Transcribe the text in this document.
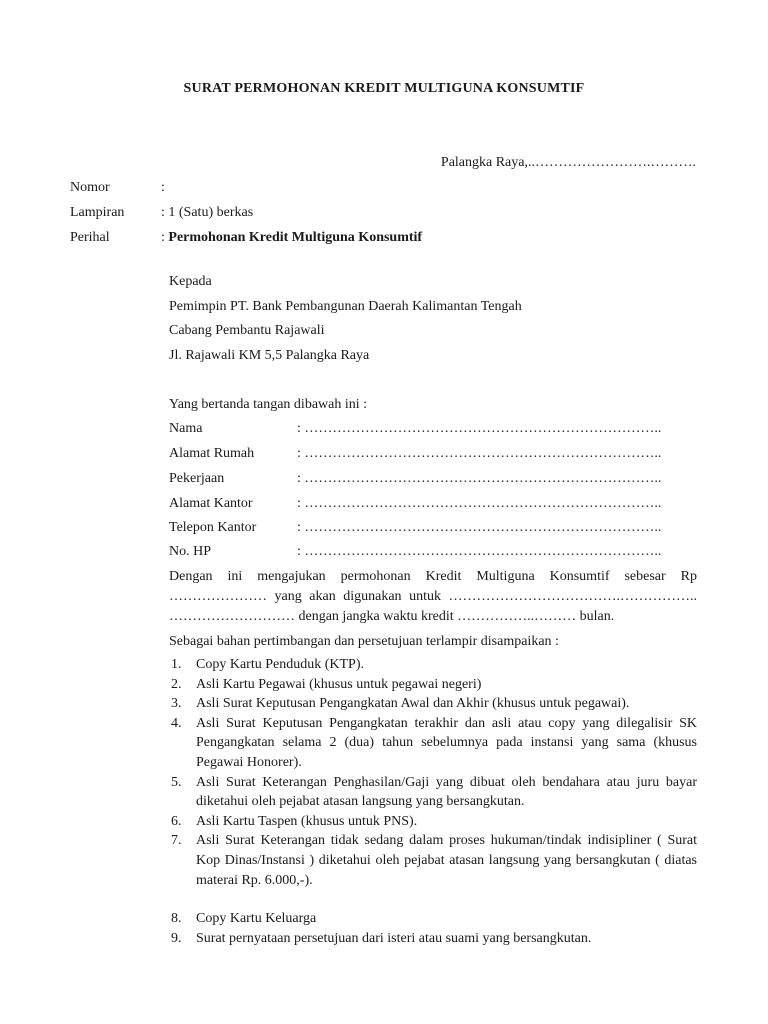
SURAT PERMOHONAN KREDIT MULTIGUNA KONSUMTIF
Palangka Raya,..…………………….……….
Nomor	:
Lampiran	: 1 (Satu) berkas
Perihal	: Permohonan Kredit Multiguna Konsumtif
Kepada
Pemimpin PT. Bank Pembangunan Daerah Kalimantan Tengah
Cabang Pembantu Rajawali
Jl. Rajawali KM 5,5 Palangka Raya
Yang bertanda tangan dibawah ini :
Nama	: …………………………………………………………………..
Alamat Rumah	: …………………………………………………………………..
Pekerjaan	: …………………………………………………………………..
Alamat Kantor	: …………………………………………………………………..
Telepon Kantor	: …………………………………………………………………..
No. HP	: …………………………………………………………………..
Dengan ini mengajukan permohonan Kredit Multiguna Konsumtif sebesar Rp ………………… yang akan digunakan untuk ……………………………….…………….. ……………………… dengan jangka waktu kredit ……………..……… bulan.
Sebagai bahan pertimbangan dan persetujuan terlampir disampaikan :
1. Copy Kartu Penduduk (KTP).
2. Asli Kartu Pegawai (khusus untuk pegawai negeri)
3. Asli Surat Keputusan Pengangkatan Awal dan Akhir (khusus untuk pegawai).
4. Asli Surat Keputusan Pengangkatan terakhir dan asli atau copy yang dilegalisir SK Pengangkatan selama 2 (dua) tahun sebelumnya pada instansi yang sama (khusus Pegawai Honorer).
5. Asli Surat Keterangan Penghasilan/Gaji yang dibuat oleh bendahara atau juru bayar diketahui oleh pejabat atasan langsung yang bersangkutan.
6. Asli Kartu Taspen (khusus untuk PNS).
7. Asli Surat Keterangan tidak sedang dalam proses hukuman/tindak indisipliner ( Surat Kop Dinas/Instansi ) diketahui oleh pejabat atasan langsung yang bersangkutan ( diatas materai Rp. 6.000,-).
8. Copy Kartu Keluarga
9. Surat pernyataan persetujuan dari isteri atau suami yang bersangkutan.
